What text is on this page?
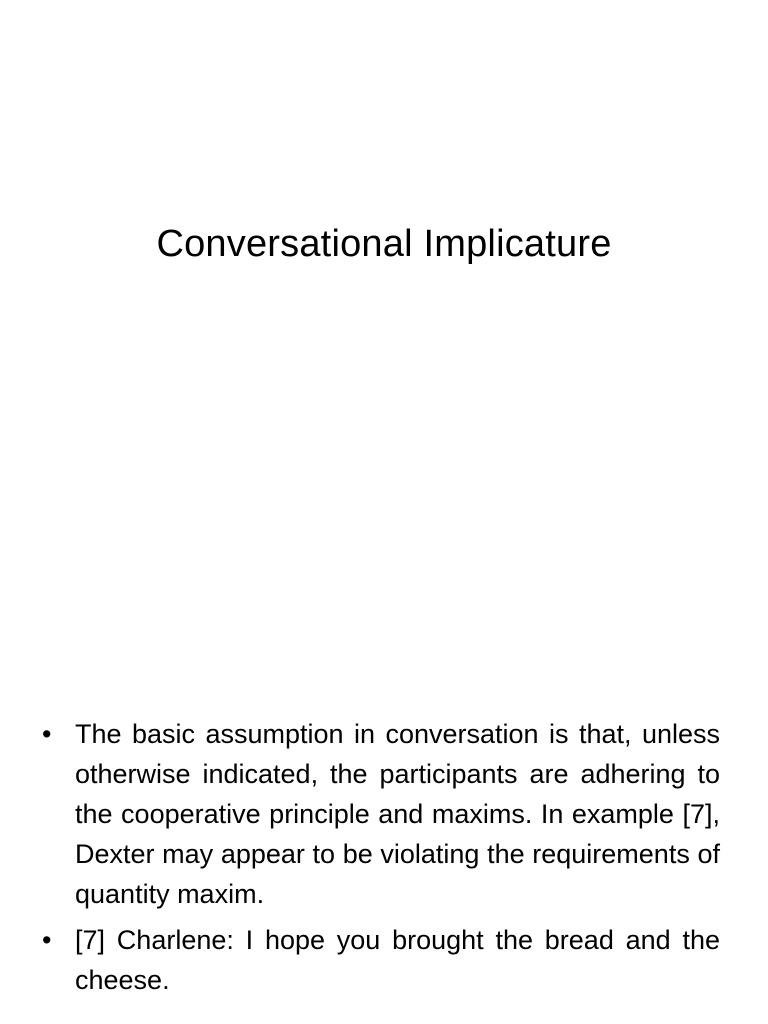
Conversational Implicature
• The basic assumption in conversation is that, unless otherwise indicated, the participants are adhering to the cooperative principle and maxims. In example [7], Dexter may appear to be violating the requirements of quantity maxim.
• [7] Charlene: I hope you brought the bread and the cheese.
